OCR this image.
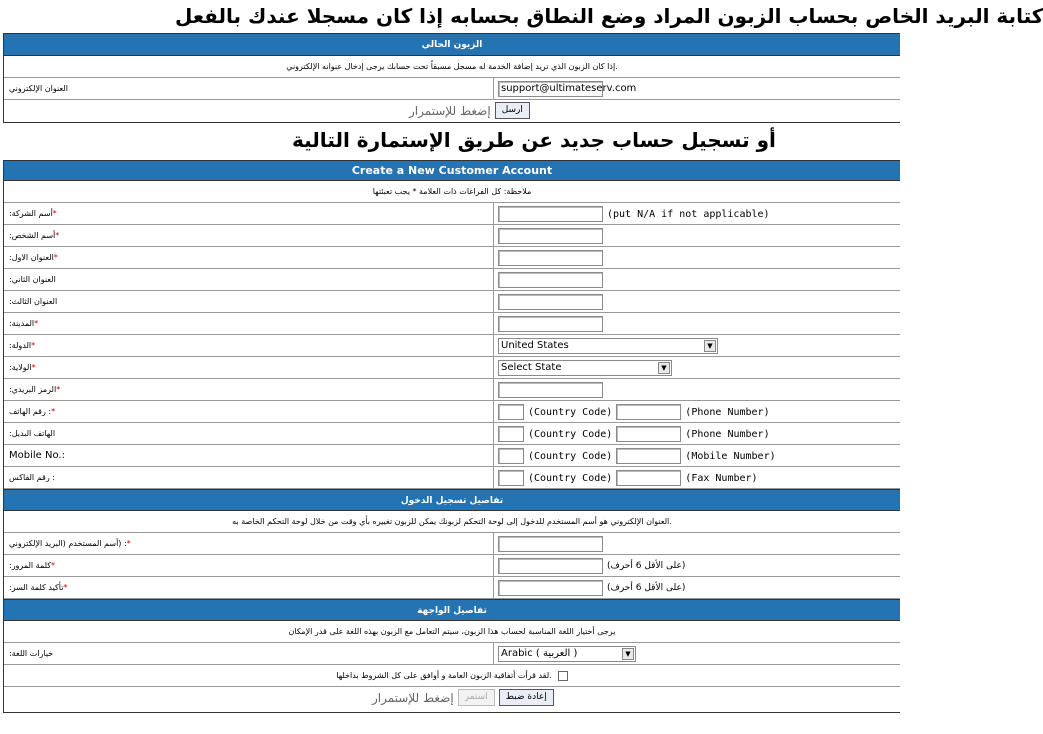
كتابة البريد الخاص بحساب الزبون المراد وضع النطاق بحسابه إذا كان مسجلا عندك بالفعل
الزبون الحالي
.إذا كان الزبون الذي تريد إضافة الخدمة له مسجل مسبقاً تحت حسابك يرجى إدخال عنوانه الإلكتروني
العنوان الإلكتروني	support@ultimateserv.com
ارسل
إضغط للإستمرار
أو تسجيل حساب جديد عن طريق الإستمارة التالية
Create a New Customer Account
ملاحظة: كل الفراغات ذات العلامة * يجب تعبئتها
*أسم الشركة:	(put N/A if not applicable)
*أسم الشخص:
*العنوان الاول:
العنوان الثاني:
العنوان الثالث:
*المدينة:
*الدولة:	United States	▼
*الولاية:	Select State	▼
*الرمز البريدي:
*: رقم الهاتف	(Country Code)	(Phone Number)
الهاتف البديل:	(Country Code)	(Phone Number)
Mobile No.:	(Country Code)	(Mobile Number)
: رقم الفاكس	(Country Code)	(Fax Number)
تفاصيل تسجيل الدخول
.العنوان الإلكتروني هو أسم المستخدم للدخول إلى لوحة التحكم لزبونك يمكن للزبون تغييره بأي وقت من خلال لوحة التحكم الخاصة به
*: (أسم المستخدم (البريد الإلكتروني
*كلمة المرور:	(على الأقل 6 أحرف)
*تأكيد كلمة السر:	(على الأقل 6 أحرف)
تفاصيل الواجهة
يرجى أختيار اللغة المناسبة لحساب هذا الزبون، سيتم التعامل مع الزبون بهذه اللغة على قدر الإمكان
خيارات اللغة:	Arabic ( العربية )	▼
.لقد قرأت أتفاقية الزبون العامة و أوافق على كل الشروط بداخلها
إعادة ضبط
استمر
إضغط للإستمرار
